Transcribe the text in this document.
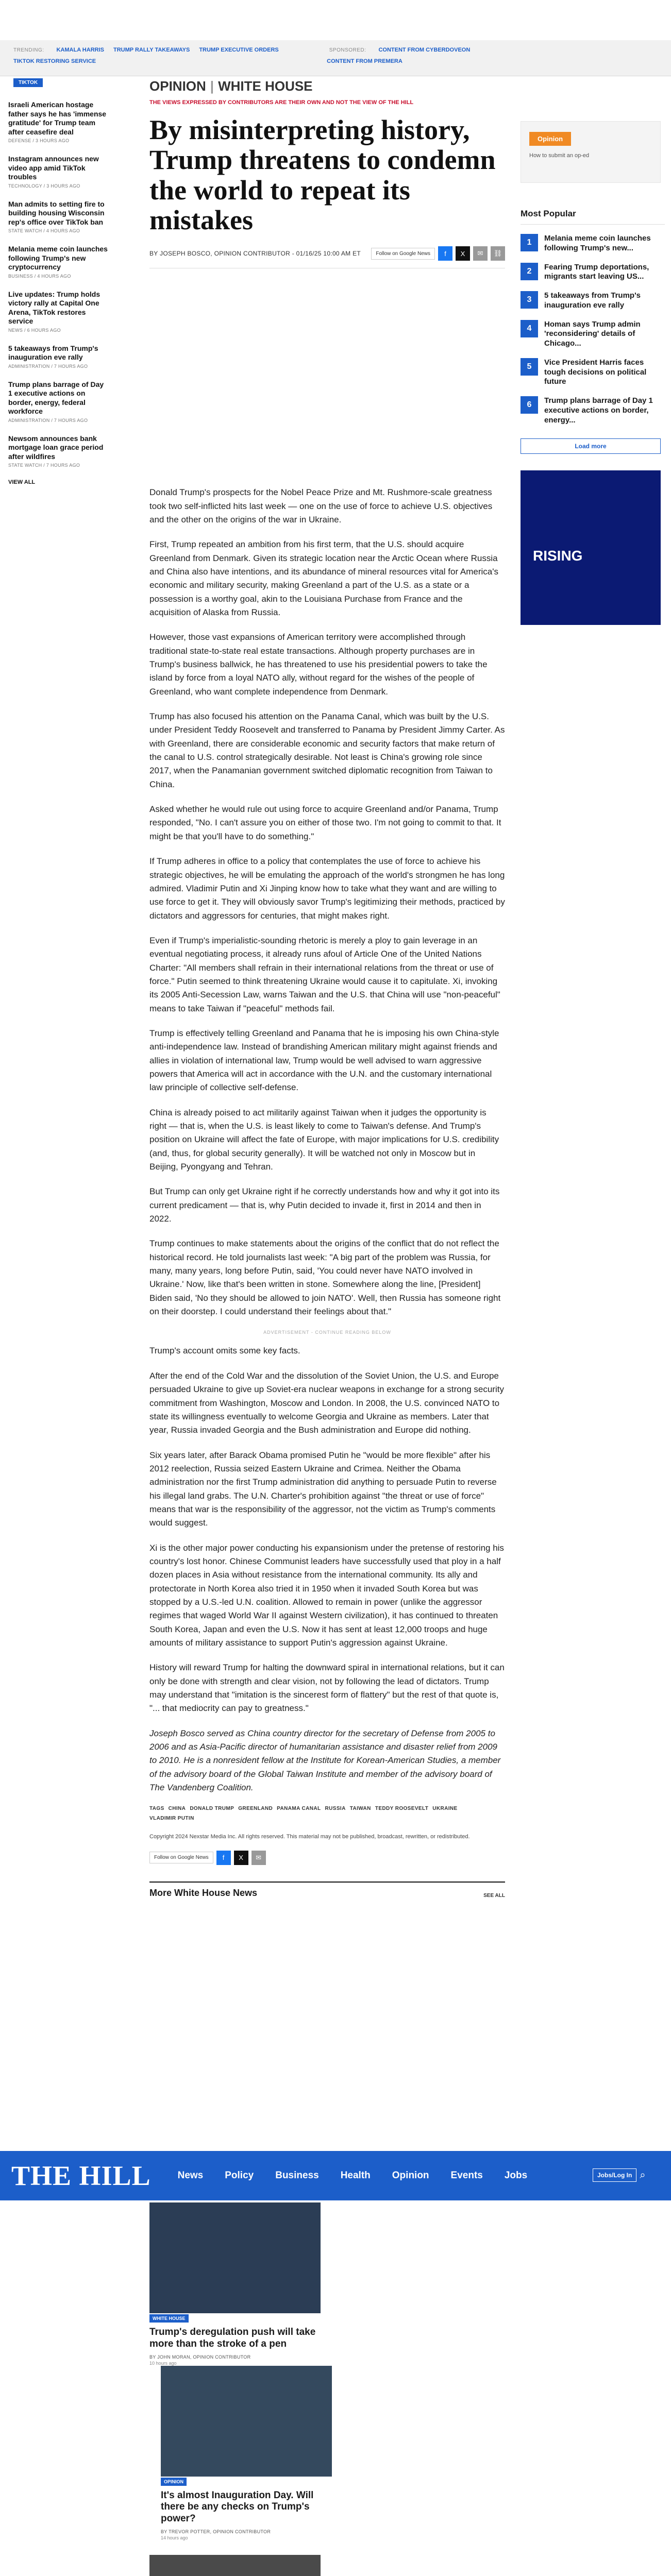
TRENDING: KAMALA HARRIS TRUMP RALLY TAKEAWAYS TRUMP EXECUTIVE ORDERS	SPONSORED: CONTENT FROM CYBERDOVEON
TIKTOK RESTORING SERVICE	CONTENT FROM PREMERA
TIKTOK
Israeli American hostage father says he has 'immense gratitude' for Trump team after ceasefire deal
DEFENSE / 3 HOURS AGO
Instagram announces new video app amid TikTok troubles
TECHNOLOGY / 3 HOURS AGO
Man admits to setting fire to building housing Wisconsin rep's office over TikTok ban
STATE WATCH / 4 HOURS AGO
Melania meme coin launches following Trump's new cryptocurrency
BUSINESS / 4 HOURS AGO
Live updates: Trump holds victory rally at Capital One Arena, TikTok restores service
NEWS / 6 HOURS AGO
5 takeaways from Trump's inauguration eve rally
ADMINISTRATION / 7 HOURS AGO
Trump plans barrage of Day 1 executive actions on border, energy, federal workforce
ADMINISTRATION / 7 HOURS AGO
Newsom announces bank mortgage loan grace period after wildfires
STATE WATCH / 7 HOURS AGO
VIEW ALL
OPINION | WHITE HOUSE
THE VIEWS EXPRESSED BY CONTRIBUTORS ARE THEIR OWN AND NOT THE VIEW OF THE HILL
By misinterpreting history, Trump threatens to condemn the world to repeat its mistakes
BY JOSEPH BOSCO, OPINION CONTRIBUTOR - 01/16/25 10:00 AM ET	Follow on Google News	f	X	✉	⛓

Donald Trump's prospects for the Nobel Peace Prize and Mt. Rushmore-scale greatness took two self-inflicted hits last week — one on the use of force to achieve U.S. objectives and the other on the origins of the war in Ukraine.

First, Trump repeated an ambition from his first term, that the U.S. should acquire Greenland from Denmark. Given its strategic location near the Arctic Ocean where Russia and China also have intentions, and its abundance of mineral resources vital for America's economic and military security, making Greenland a part of the U.S. as a state or a possession is a worthy goal, akin to the Louisiana Purchase from France and the acquisition of Alaska from Russia.

However, those vast expansions of American territory were accomplished through traditional state-to-state real estate transactions. Although property purchases are in Trump's business ballwick, he has threatened to use his presidential powers to take the island by force from a loyal NATO ally, without regard for the wishes of the people of Greenland, who want complete independence from Denmark.

Trump has also focused his attention on the Panama Canal, which was built by the U.S. under President Teddy Roosevelt and transferred to Panama by President Jimmy Carter. As with Greenland, there are considerable economic and security factors that make return of the canal to U.S. control strategically desirable. Not least is China's growing role since 2017, when the Panamanian government switched diplomatic recognition from Taiwan to China.

Asked whether he would rule out using force to acquire Greenland and/or Panama, Trump responded, "No. I can't assure you on either of those two. I'm not going to commit to that. It might be that you'll have to do something."

If Trump adheres in office to a policy that contemplates the use of force to achieve his strategic objectives, he will be emulating the approach of the world's strongmen he has long admired. Vladimir Putin and Xi Jinping know how to take what they want and are willing to use force to get it. They will obviously savor Trump's legitimizing their methods, practiced by dictators and aggressors for centuries, that might makes right.

Even if Trump's imperialistic-sounding rhetoric is merely a ploy to gain leverage in an eventual negotiating process, it already runs afoul of Article One of the United Nations Charter: "All members shall refrain in their international relations from the threat or use of force." Putin seemed to think threatening Ukraine would cause it to capitulate. Xi, invoking its 2005 Anti-Secession Law, warns Taiwan and the U.S. that China will use "non-peaceful" means to take Taiwan if "peaceful" methods fail.

Trump is effectively telling Greenland and Panama that he is imposing his own China-style anti-independence law. Instead of brandishing American military might against friends and allies in violation of international law, Trump would be well advised to warn aggressive powers that America will act in accordance with the U.N. and the customary international law principle of collective self-defense.

China is already poised to act militarily against Taiwan when it judges the opportunity is right — that is, when the U.S. is least likely to come to Taiwan's defense. And Trump's position on Ukraine will affect the fate of Europe, with major implications for U.S. credibility (and, thus, for global security generally). It will be watched not only in Moscow but in Beijing, Pyongyang and Tehran.

But Trump can only get Ukraine right if he correctly understands how and why it got into its current predicament — that is, why Putin decided to invade it, first in 2014 and then in 2022.

Trump continues to make statements about the origins of the conflict that do not reflect the historical record. He told journalists last week: "A big part of the problem was Russia, for many, many years, long before Putin, said, 'You could never have NATO involved in Ukraine.' Now, like that's been written in stone. Somewhere along the line, [President] Biden said, 'No they should be allowed to join NATO'. Well, then Russia has someone right on their doorstep. I could understand their feelings about that."

ADVERTISEMENT - CONTINUE READING BELOW

Trump's account omits some key facts.

After the end of the Cold War and the dissolution of the Soviet Union, the U.S. and Europe persuaded Ukraine to give up Soviet-era nuclear weapons in exchange for a strong security commitment from Washington, Moscow and London. In 2008, the U.S. convinced NATO to state its willingness eventually to welcome Georgia and Ukraine as members. Later that year, Russia invaded Georgia and the Bush administration and Europe did nothing.

Six years later, after Barack Obama promised Putin he "would be more flexible" after his 2012 reelection, Russia seized Eastern Ukraine and Crimea. Neither the Obama administration nor the first Trump administration did anything to persuade Putin to reverse his illegal land grabs. The U.N. Charter's prohibition against "the threat or use of force" means that war is the responsibility of the aggressor, not the victim as Trump's comments would suggest.

Xi is the other major power conducting his expansionism under the pretense of restoring his country's lost honor. Chinese Communist leaders have successfully used that ploy in a half dozen places in Asia without resistance from the international community. Its ally and protectorate in North Korea also tried it in 1950 when it invaded South Korea but was stopped by a U.S.-led U.N. coalition. Allowed to remain in power (unlike the aggressor regimes that waged World War II against Western civilization), it has continued to threaten South Korea, Japan and even the U.S. Now it has sent at least 12,000 troops and huge amounts of military assistance to support Putin's aggression against Ukraine.

History will reward Trump for halting the downward spiral in international relations, but it can only be done with strength and clear vision, not by following the lead of dictators. Trump may understand that "imitation is the sincerest form of flattery" but the rest of that quote is, "... that mediocrity can pay to greatness."

Joseph Bosco served as China country director for the secretary of Defense from 2005 to 2006 and as Asia-Pacific director of humanitarian assistance and disaster relief from 2009 to 2010. He is a nonresident fellow at the Institute for Korean-American Studies, a member of the advisory board of the Global Taiwan Institute and member of the advisory board of The Vandenberg Coalition.

TAGS CHINA DONALD TRUMP GREENLAND PANAMA CANAL RUSSIA TAIWAN TEDDY ROOSEVELT UKRAINE
VLADIMIR PUTIN
Copyright 2024 Nexstar Media Inc. All rights reserved. This material may not be published, broadcast, rewritten, or redistributed.
Follow on Google News	f	X	✉
More White House News	SEE ALL
Opinion
How to submit an op-ed
Most Popular
1	Melania meme coin launches following Trump's new...
2	Fearing Trump deportations, migrants start leaving US...
3	5 takeaways from Trump's inauguration eve rally
4	Homan says Trump admin 'reconsidering' details of Chicago...
5	Vice President Harris faces tough decisions on political future
6	Trump plans barrage of Day 1 executive actions on border, energy...
Load more
RISING
THE HILL	News Policy Business Health Opinion Events Jobs	Jobs/Log In ⌕
WHITE HOUSE
Trump's deregulation push will take more than the stroke of a pen
BY JOHN MORAN, OPINION CONTRIBUTOR
10 hours ago

OPINION
It's almost Inauguration Day. Will there be any checks on Trump's power?
BY TREVOR POTTER, OPINION CONTRIBUTOR
14 hours ago
